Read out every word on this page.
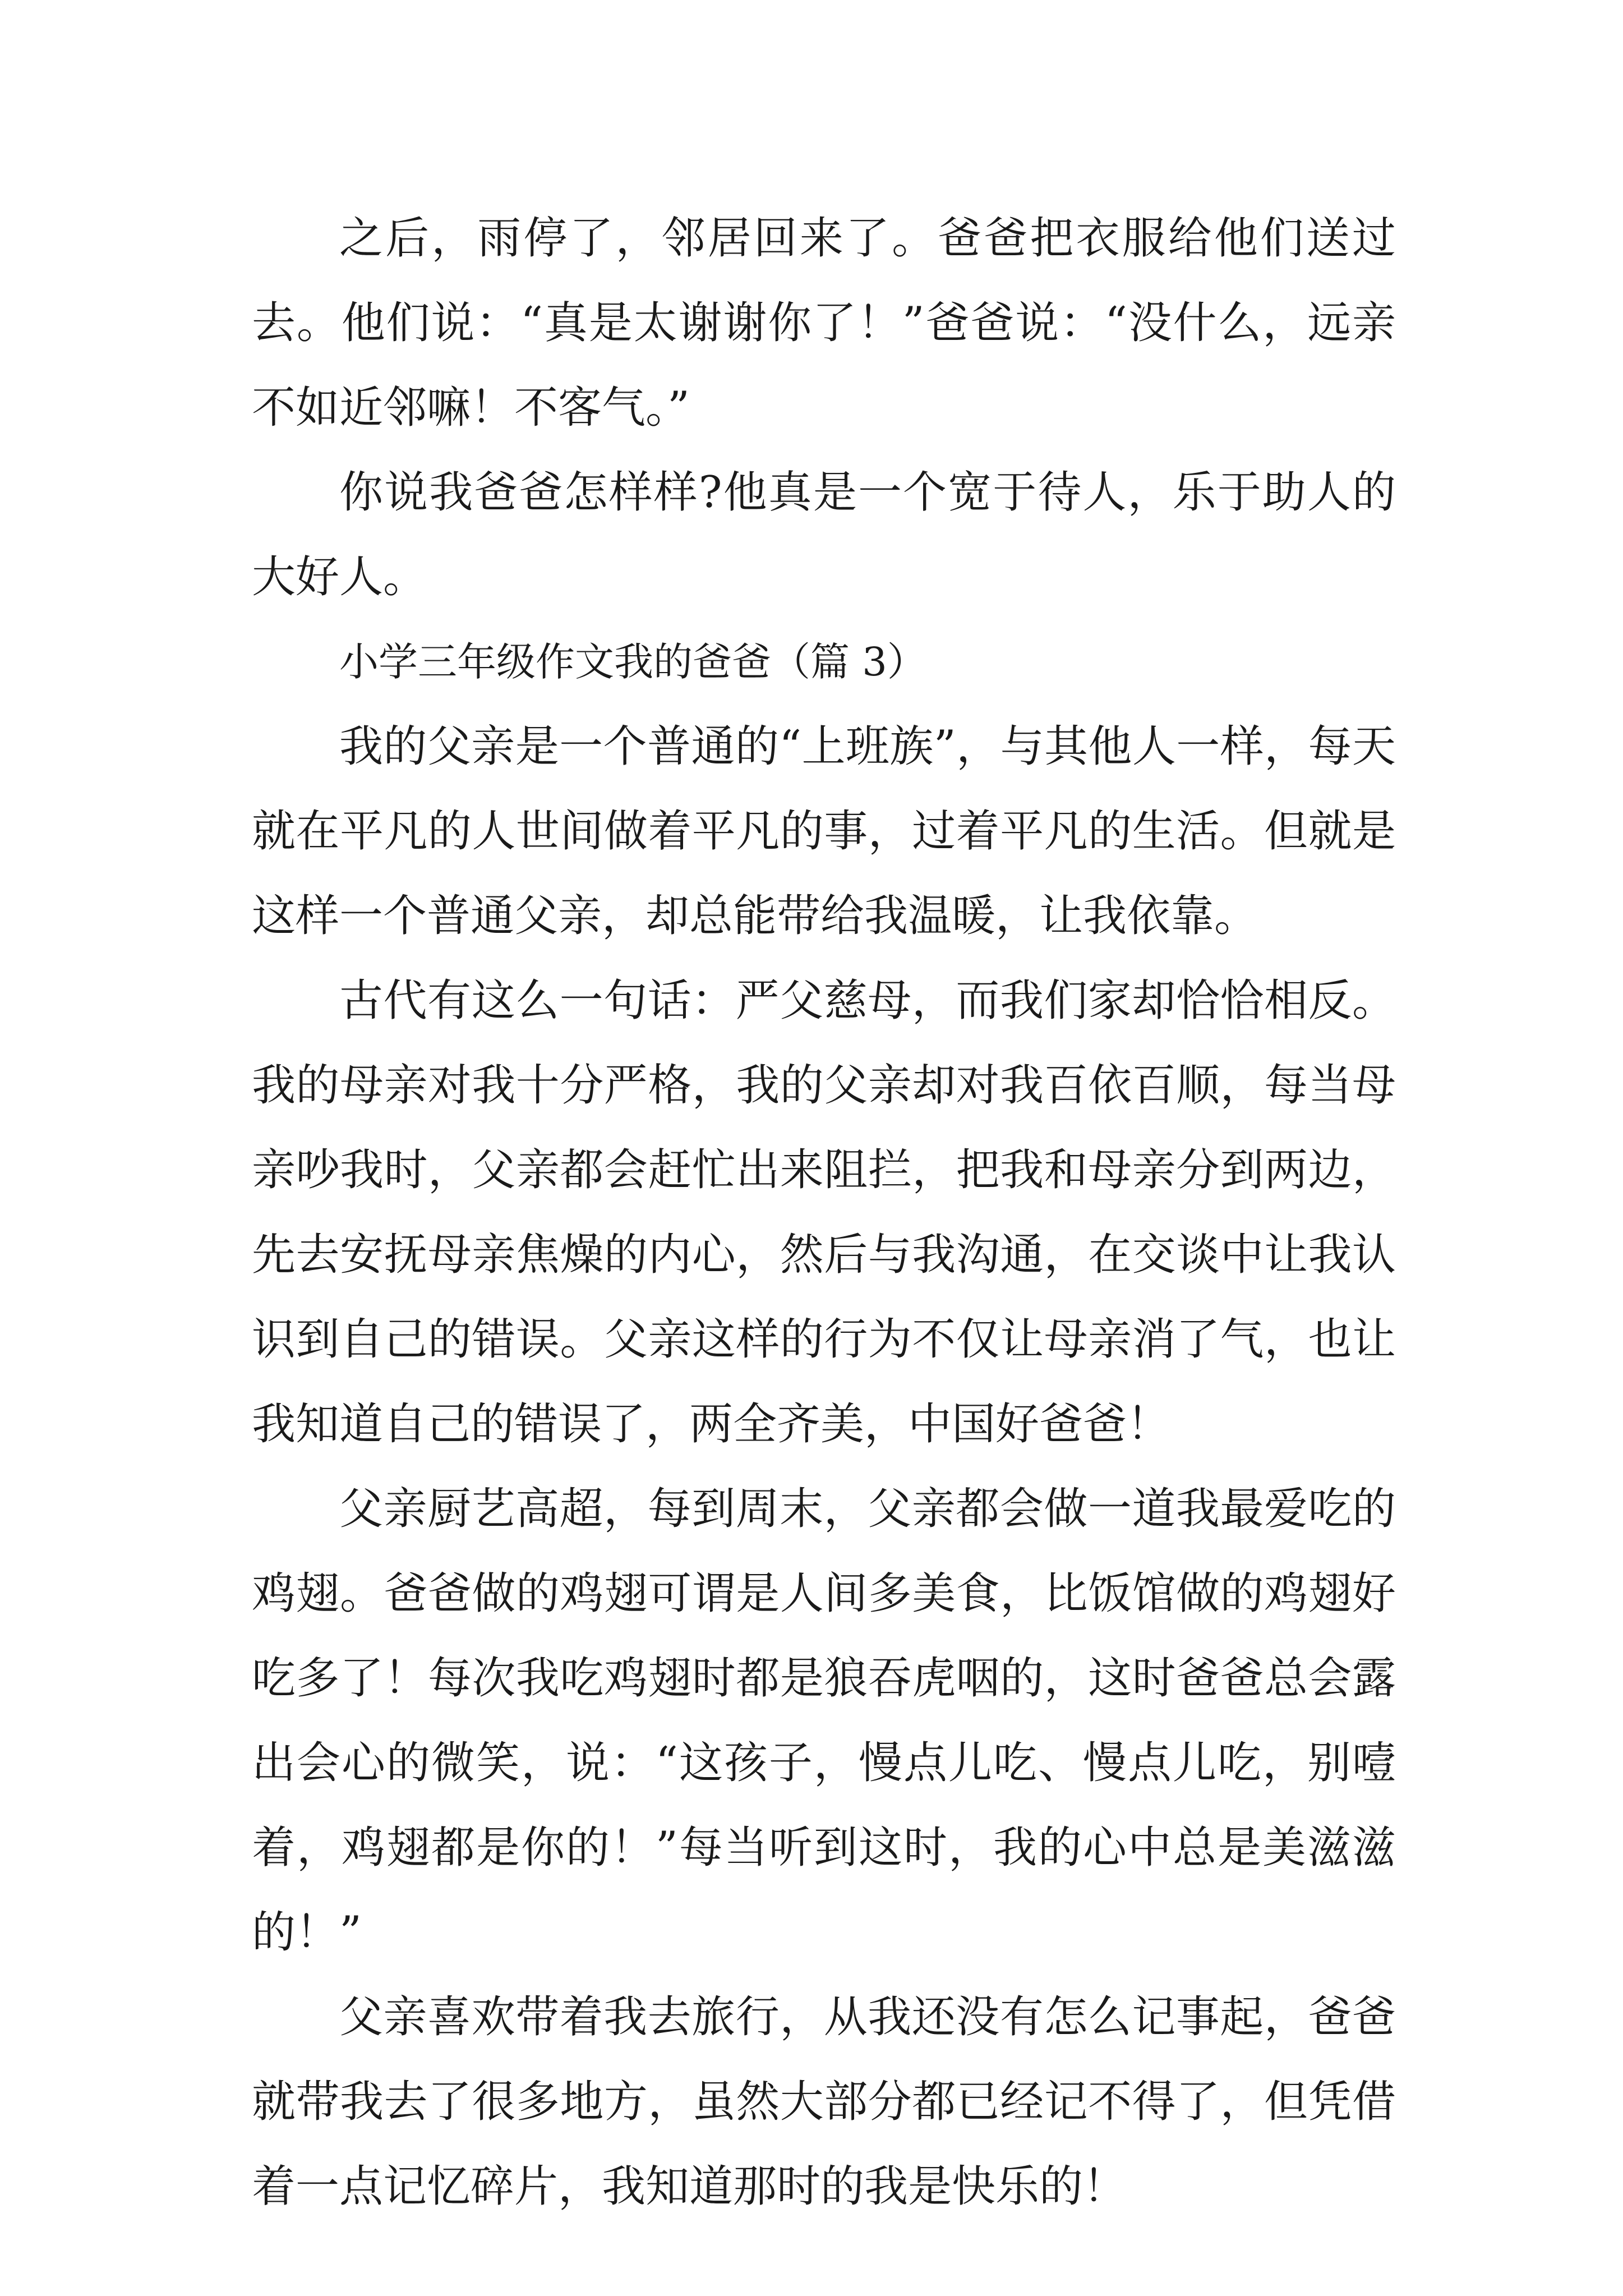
之后，雨停了，邻居回来了。爸爸把衣服给他们送过去。他们说：“真是太谢谢你了！”爸爸说：“没什么，远亲不如近邻嘛！不客气。”

你说我爸爸怎样样?他真是一个宽于待人，乐于助人的大好人。

小学三年级作文我的爸爸（篇 3）

我的父亲是一个普通的“上班族”，与其他人一样，每天就在平凡的人世间做着平凡的事，过着平凡的生活。但就是这样一个普通父亲，却总能带给我温暖，让我依靠。

古代有这么一句话：严父慈母，而我们家却恰恰相反。我的母亲对我十分严格，我的父亲却对我百依百顺，每当母亲吵我时，父亲都会赶忙出来阻拦，把我和母亲分到两边，先去安抚母亲焦燥的内心，然后与我沟通，在交谈中让我认识到自己的错误。父亲这样的行为不仅让母亲消了气，也让我知道自己的错误了，两全齐美，中国好爸爸！

父亲厨艺高超，每到周末，父亲都会做一道我最爱吃的鸡翅。爸爸做的鸡翅可谓是人间多美食，比饭馆做的鸡翅好吃多了！每次我吃鸡翅时都是狼吞虎咽的，这时爸爸总会露出会心的微笑，说：“这孩子，慢点儿吃、慢点儿吃，别噎着，鸡翅都是你的！”每当听到这时，我的心中总是美滋滋的！”

父亲喜欢带着我去旅行，从我还没有怎么记事起，爸爸就带我去了很多地方，虽然大部分都已经记不得了，但凭借着一点记忆碎片，我知道那时的我是快乐的！
